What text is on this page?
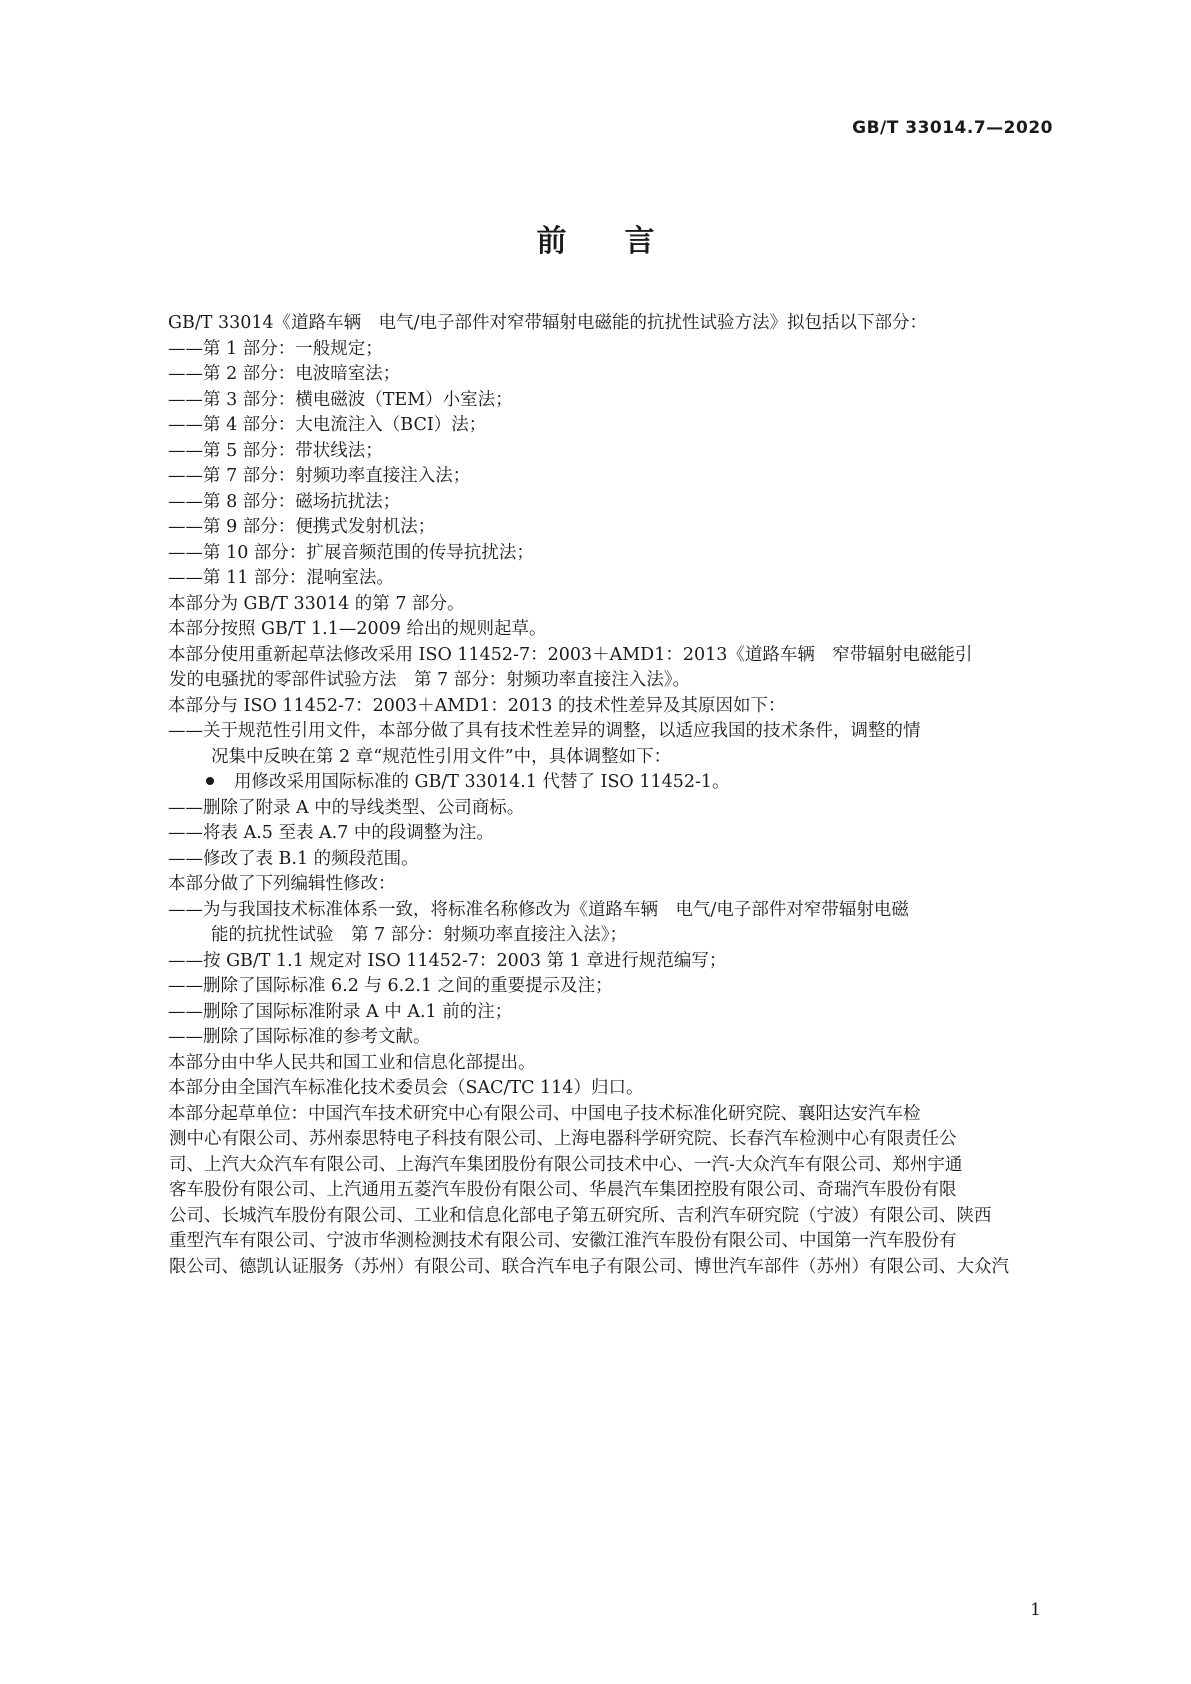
GB/T 33014.7—2020
前言
GB/T 33014《道路车辆　电气/电子部件对窄带辐射电磁能的抗扰性试验方法》拟包括以下部分：
——第 1 部分：一般规定；
——第 2 部分：电波暗室法；
——第 3 部分：横电磁波（TEM）小室法；
——第 4 部分：大电流注入（BCI）法；
——第 5 部分：带状线法；
——第 7 部分：射频功率直接注入法；
——第 8 部分：磁场抗扰法；
——第 9 部分：便携式发射机法；
——第 10 部分：扩展音频范围的传导抗扰法；
——第 11 部分：混响室法。
本部分为 GB/T 33014 的第 7 部分。
本部分按照 GB/T 1.1—2009 给出的规则起草。
本部分使用重新起草法修改采用 ISO 11452-7：2003＋AMD1：2013《道路车辆　窄带辐射电磁能引
发的电骚扰的零部件试验方法　第 7 部分：射频功率直接注入法》。
本部分与 ISO 11452-7：2003＋AMD1：2013 的技术性差异及其原因如下：
——关于规范性引用文件，本部分做了具有技术性差异的调整，以适应我国的技术条件，调整的情
况集中反映在第 2 章“规范性引用文件”中，具体调整如下：
用修改采用国际标准的 GB/T 33014.1 代替了 ISO 11452-1。
——删除了附录 A 中的导线类型、公司商标。
——将表 A.5 至表 A.7 中的段调整为注。
——修改了表 B.1 的频段范围。
本部分做了下列编辑性修改：
——为与我国技术标准体系一致，将标准名称修改为《道路车辆　电气/电子部件对窄带辐射电磁
能的抗扰性试验　第 7 部分：射频功率直接注入法》；
——按 GB/T 1.1 规定对 ISO 11452-7：2003 第 1 章进行规范编写；
——删除了国际标准 6.2 与 6.2.1 之间的重要提示及注；
——删除了国际标准附录 A 中 A.1 前的注；
——删除了国际标准的参考文献。
本部分由中华人民共和国工业和信息化部提出。
本部分由全国汽车标准化技术委员会（SAC/TC 114）归口。
本部分起草单位：中国汽车技术研究中心有限公司、中国电子技术标准化研究院、襄阳达安汽车检
测中心有限公司、苏州泰思特电子科技有限公司、上海电器科学研究院、长春汽车检测中心有限责任公
司、上汽大众汽车有限公司、上海汽车集团股份有限公司技术中心、一汽-大众汽车有限公司、郑州宇通
客车股份有限公司、上汽通用五菱汽车股份有限公司、华晨汽车集团控股有限公司、奇瑞汽车股份有限
公司、长城汽车股份有限公司、工业和信息化部电子第五研究所、吉利汽车研究院（宁波）有限公司、陕西
重型汽车有限公司、宁波市华测检测技术有限公司、安徽江淮汽车股份有限公司、中国第一汽车股份有
限公司、德凯认证服务（苏州）有限公司、联合汽车电子有限公司、博世汽车部件（苏州）有限公司、大众汽
1
